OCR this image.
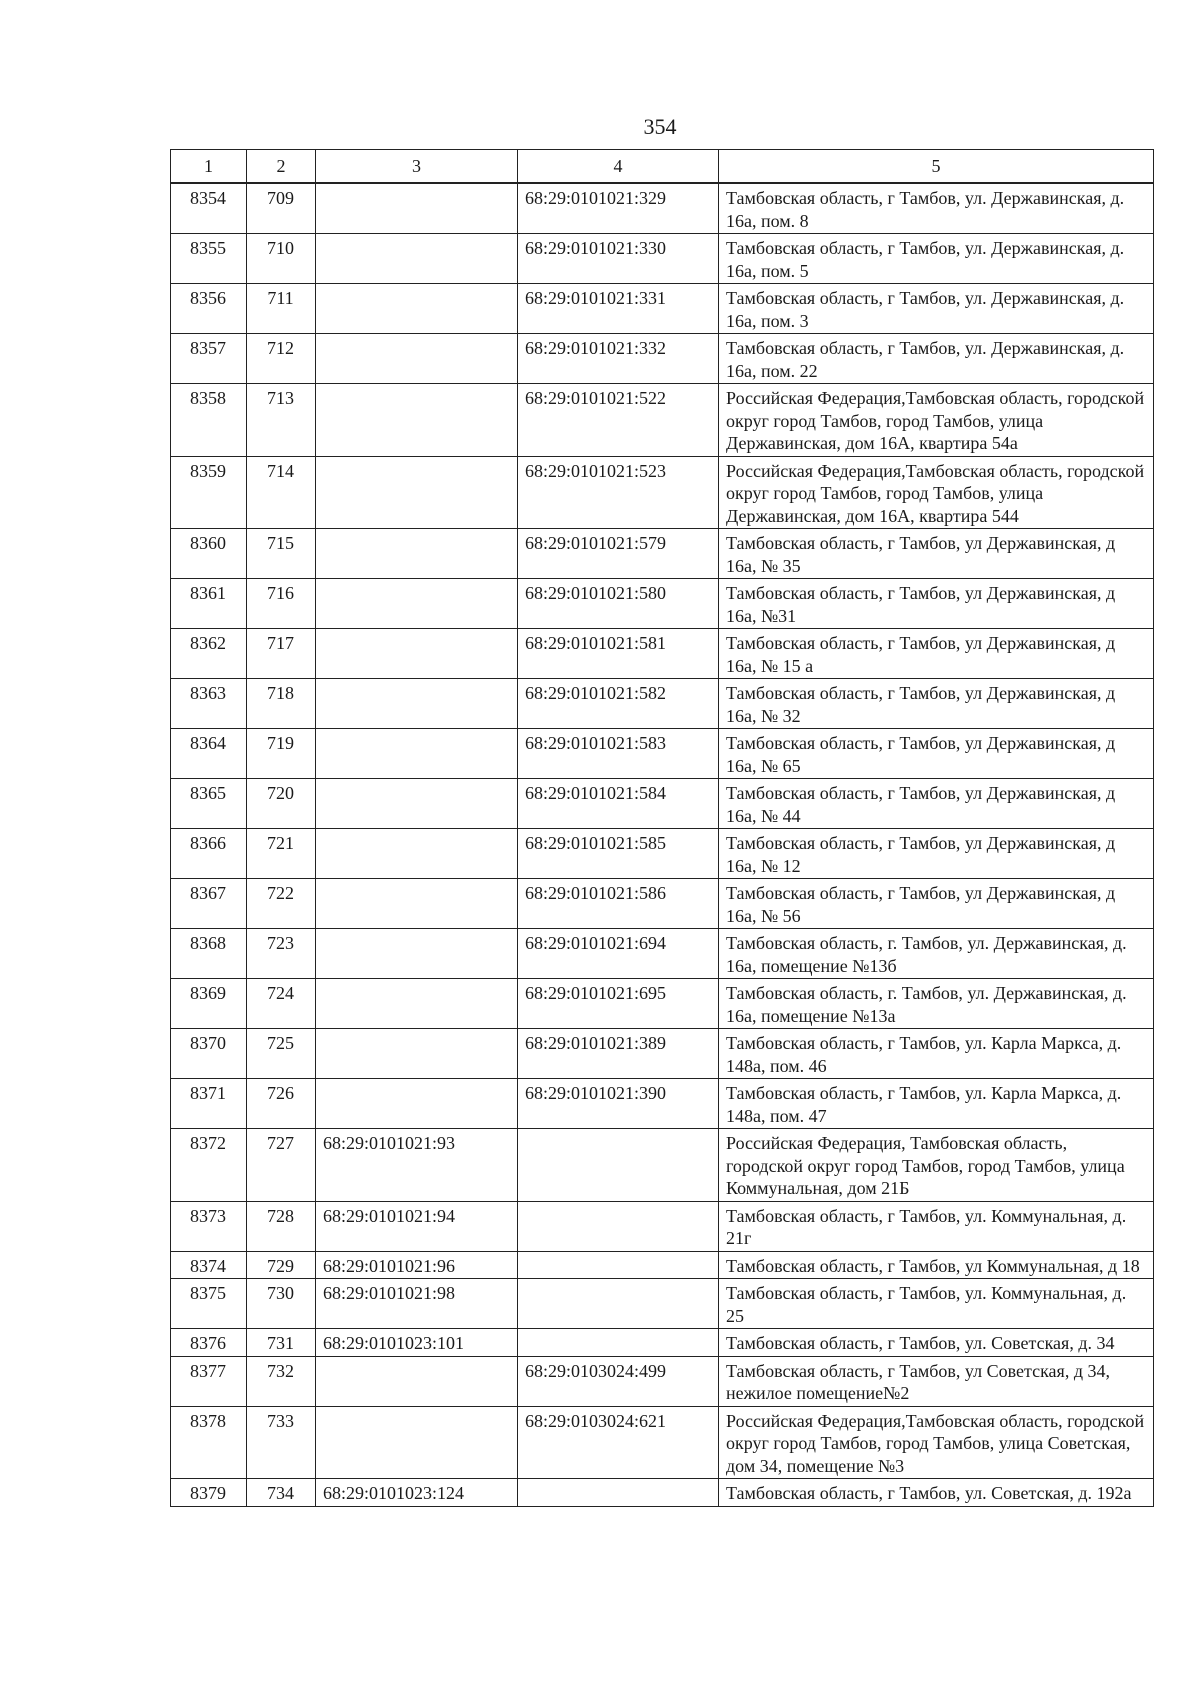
354
1	2	3	4	5
8354	709		68:29:0101021:329	Тамбовская область, г Тамбов, ул. Державинская, д. 16а, пом. 8
8355	710		68:29:0101021:330	Тамбовская область, г Тамбов, ул. Державинская, д. 16а, пом. 5
8356	711		68:29:0101021:331	Тамбовская область, г Тамбов, ул. Державинская, д. 16а, пом. 3
8357	712		68:29:0101021:332	Тамбовская область, г Тамбов, ул. Державинская, д. 16а, пом. 22
8358	713		68:29:0101021:522	Российская Федерация,Тамбовская область, городской округ город Тамбов, город Тамбов, улица Державинская, дом 16А, квартира 54а
8359	714		68:29:0101021:523	Российская Федерация,Тамбовская область, городской округ город Тамбов, город Тамбов, улица Державинская, дом 16А, квартира 544
8360	715		68:29:0101021:579	Тамбовская область, г Тамбов, ул Державинская, д 16а, № 35
8361	716		68:29:0101021:580	Тамбовская область, г Тамбов, ул Державинская, д 16а, №31
8362	717		68:29:0101021:581	Тамбовская область, г Тамбов, ул Державинская, д 16а, № 15 а
8363	718		68:29:0101021:582	Тамбовская область, г Тамбов, ул Державинская, д 16а, № 32
8364	719		68:29:0101021:583	Тамбовская область, г Тамбов, ул Державинская, д 16а, № 65
8365	720		68:29:0101021:584	Тамбовская область, г Тамбов, ул Державинская, д 16а, № 44
8366	721		68:29:0101021:585	Тамбовская область, г Тамбов, ул Державинская, д 16а, № 12
8367	722		68:29:0101021:586	Тамбовская область, г Тамбов, ул Державинская, д 16а, № 56
8368	723		68:29:0101021:694	Тамбовская область, г. Тамбов, ул. Державинская, д. 16а, помещение №13б
8369	724		68:29:0101021:695	Тамбовская область, г. Тамбов, ул. Державинская, д. 16а, помещение №13а
8370	725		68:29:0101021:389	Тамбовская область, г Тамбов, ул. Карла Маркса, д. 148а, пом. 46
8371	726		68:29:0101021:390	Тамбовская область, г Тамбов, ул. Карла Маркса, д. 148а, пом. 47
8372	727	68:29:0101021:93		Российская Федерация, Тамбовская область, городской округ город Тамбов, город Тамбов, улица Коммунальная, дом 21Б
8373	728	68:29:0101021:94		Тамбовская область, г Тамбов, ул. Коммунальная, д. 21г
8374	729	68:29:0101021:96		Тамбовская область, г Тамбов, ул Коммунальная, д 18
8375	730	68:29:0101021:98		Тамбовская область, г Тамбов, ул. Коммунальная, д. 25
8376	731	68:29:0101023:101		Тамбовская область, г Тамбов, ул. Советская, д. 34
8377	732		68:29:0103024:499	Тамбовская область, г Тамбов, ул Советская, д 34, нежилое помещение№2
8378	733		68:29:0103024:621	Российская Федерация,Тамбовская область, городской округ город Тамбов, город Тамбов, улица Советская, дом 34, помещение №3
8379	734	68:29:0101023:124		Тамбовская область, г Тамбов, ул. Советская, д. 192а
